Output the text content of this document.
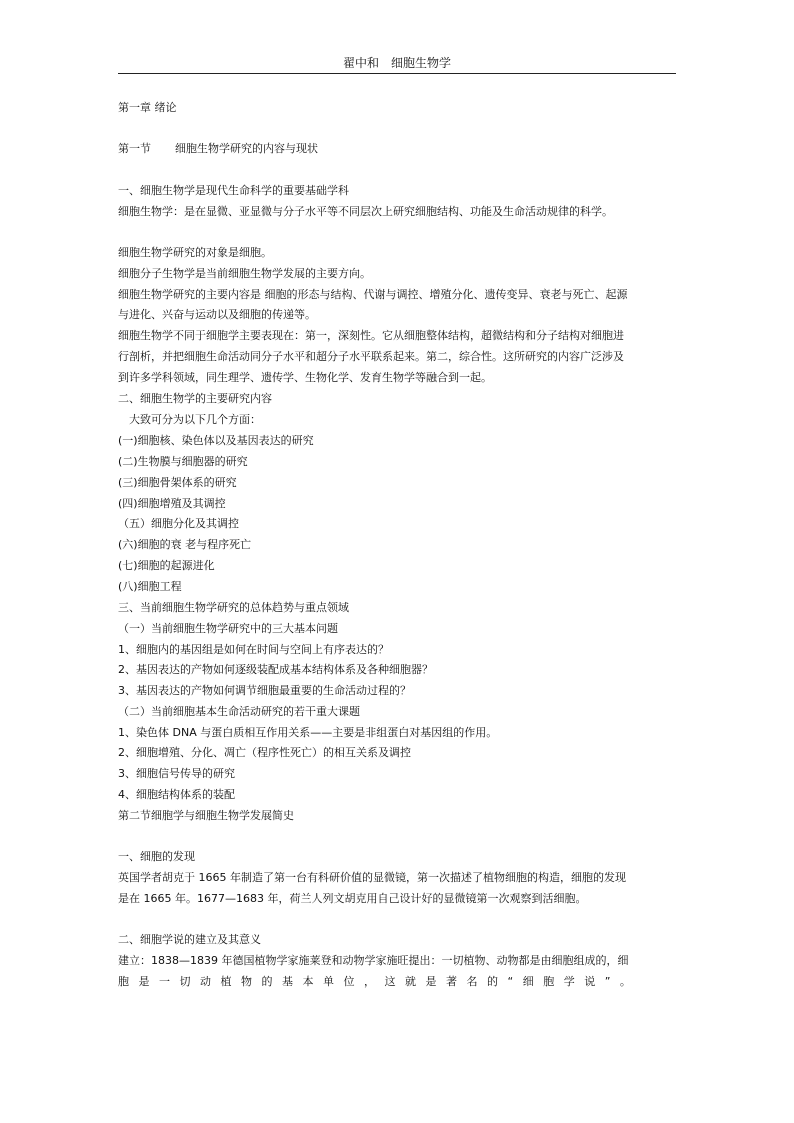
翟中和　细胞生物学
第一章 绪论
第一节 细胞生物学研究的内容与现状
一、细胞生物学是现代生命科学的重要基础学科
细胞生物学：是在显微、亚显微与分子水平等不同层次上研究细胞结构、功能及生命活动规律的科学。
细胞生物学研究的对象是细胞。
细胞分子生物学是当前细胞生物学发展的主要方向。
细胞生物学研究的主要内容是 细胞的形态与结构、代谢与调控、增殖分化、遗传变异、衰老与死亡、起源
与进化、兴奋与运动以及细胞的传递等。
细胞生物学不同于细胞学主要表现在：第一，深刻性。它从细胞整体结构，超微结构和分子结构对细胞进
行剖析，并把细胞生命活动同分子水平和超分子水平联系起来。第二，综合性。这所研究的内容广泛涉及
到许多学科领域，同生理学、遗传学、生物化学、发育生物学等融合到一起。
二、细胞生物学的主要研究内容
　大致可分为以下几个方面：
(一)细胞核、染色体以及基因表达的研究
(二)生物膜与细胞器的研究
(三)细胞骨架体系的研究
(四)细胞增殖及其调控
（五）细胞分化及其调控
(六)细胞的衰 老与程序死亡
(七)细胞的起源进化
(八)细胞工程
三、当前细胞生物学研究的总体趋势与重点领域
（一）当前细胞生物学研究中的三大基本问题
1、细胞内的基因组是如何在时间与空间上有序表达的？
2、基因表达的产物如何逐级装配成基本结构体系及各种细胞器？
3、基因表达的产物如何调节细胞最重要的生命活动过程的？
（二）当前细胞基本生命活动研究的若干重大课题
1、染色体 DNA 与蛋白质相互作用关系——主要是非组蛋白对基因组的作用。
2、细胞增殖、分化、凋亡（程序性死亡）的相互关系及调控
3、细胞信号传导的研究
4、细胞结构体系的装配
第二节细胞学与细胞生物学发展简史
一、细胞的发现
英国学者胡克于 1665 年制造了第一台有科研价值的显微镜，第一次描述了植物细胞的构造，细胞的发现
是在 1665 年。1677—1683 年，荷兰人列文胡克用自己设计好的显微镜第一次观察到活细胞。
二、细胞学说的建立及其意义
建立：1838—1839 年德国植物学家施莱登和动物学家施旺提出：一切植物、动物都是由细胞组成的，细
胞是一切动植物的基本单位，这就是著名的“细胞学说”。
